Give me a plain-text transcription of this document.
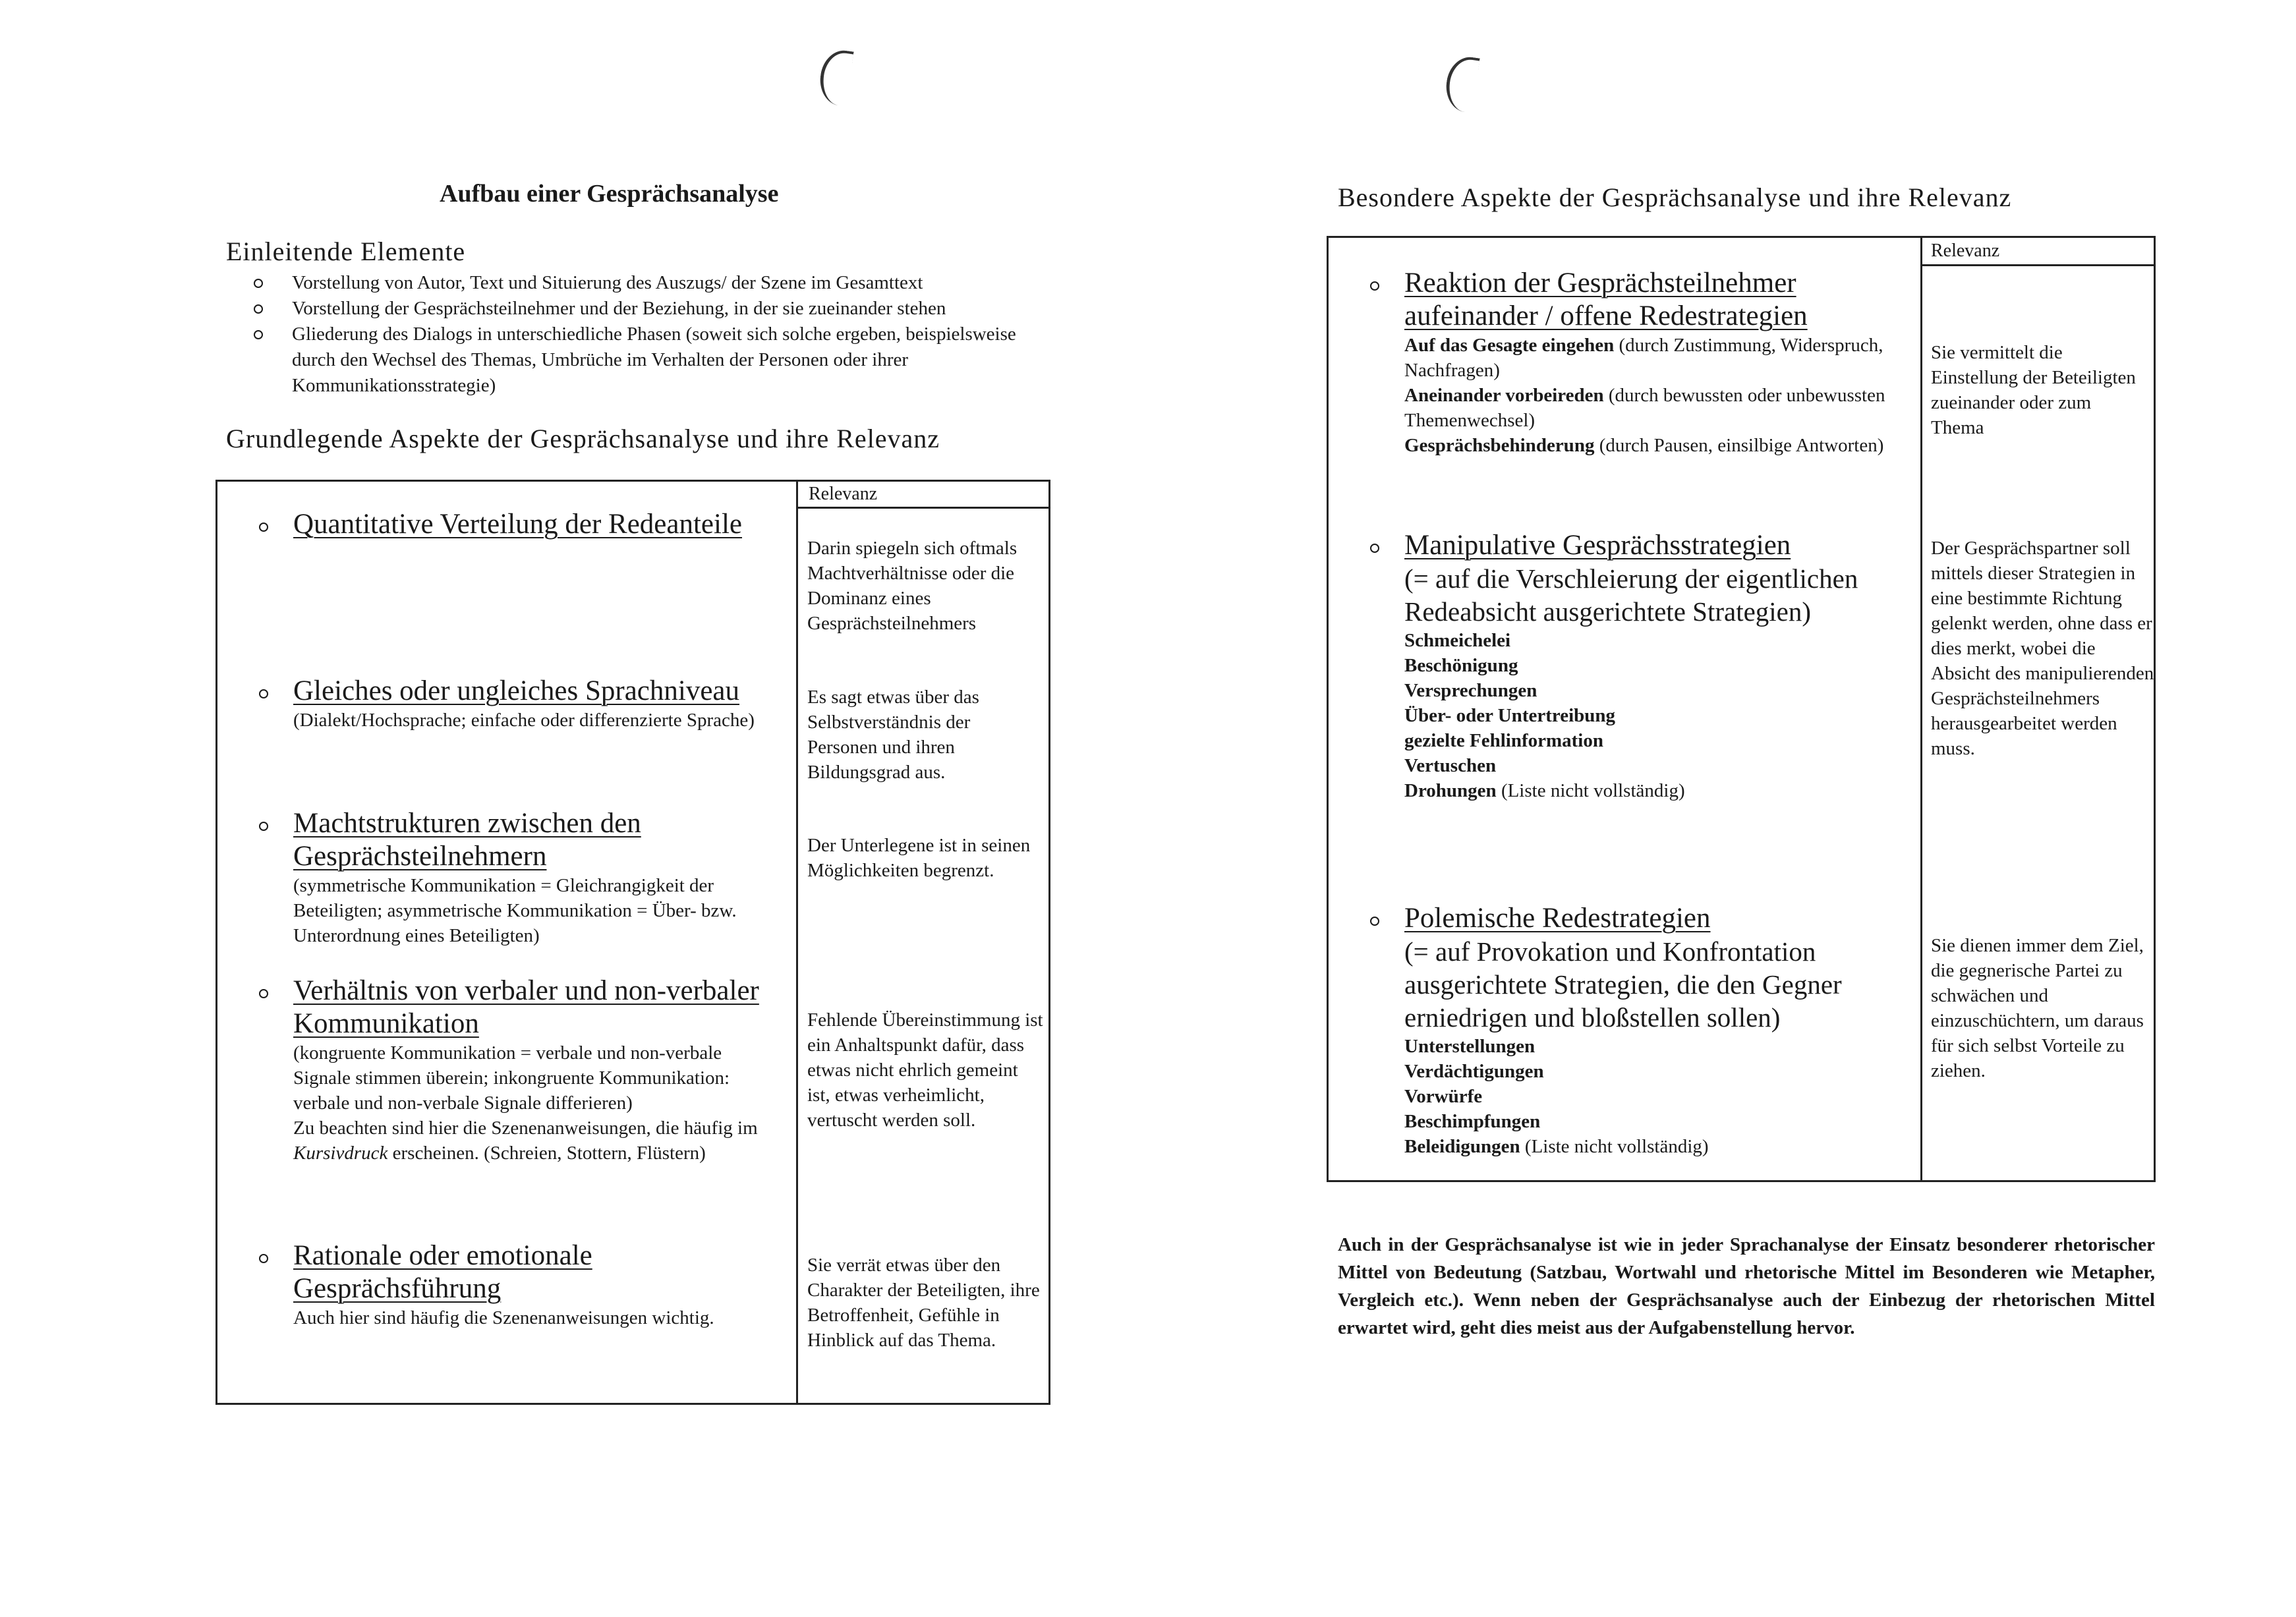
Aufbau einer Gesprächsanalyse
Einleitende Elemente
Vorstellung von Autor, Text und Situierung des Auszugs/ der Szene im Gesamttext
Vorstellung der Gesprächsteilnehmer und der Beziehung, in der sie zueinander stehen
Gliederung des Dialogs in unterschiedliche Phasen (soweit sich solche ergeben, beispielsweise durch den Wechsel des Themas, Umbrüche im Verhalten der Personen oder ihrer Kommunikationsstrategie)
Grundlegende Aspekte der Gesprächsanalyse und ihre Relevanz
Relevanz
Quantitative Verteilung der Redeanteile
Darin spiegeln sich oftmals Machtverhältnisse oder die Dominanz eines Gesprächsteilnehmers
Gleiches oder ungleiches Sprachniveau
(Dialekt/Hochsprache; einfache oder differenzierte Sprache)
Es sagt etwas über das Selbstverständnis der Personen und ihren Bildungsgrad aus.
Machtstrukturen zwischen den Gesprächsteilnehmern
(symmetrische Kommunikation = Gleichrangigkeit der Beteiligten; asymmetrische Kommunikation = Über- bzw. Unterordnung eines Beteiligten)
Der Unterlegene ist in seinen Möglichkeiten begrenzt.
Verhältnis von verbaler und non-verbaler Kommunikation
(kongruente Kommunikation = verbale und non-verbale Signale stimmen überein; inkongruente Kommunikation: verbale und non-verbale Signale differieren)
Zu beachten sind hier die Szenenanweisungen, die häufig im Kursivdruck erscheinen. (Schreien, Stottern, Flüstern)
Fehlende Übereinstimmung ist ein Anhaltspunkt dafür, dass etwas nicht ehrlich gemeint ist, etwas verheimlicht, vertuscht werden soll.
Rationale oder emotionale Gesprächsführung
Auch hier sind häufig die Szenenanweisungen wichtig.
Sie verrät etwas über den Charakter der Beteiligten, ihre Betroffenheit, Gefühle in Hinblick auf das Thema.
Besondere Aspekte der Gesprächsanalyse und ihre Relevanz
Relevanz
Reaktion der Gesprächsteilnehmer aufeinander / offene Redestrategien
Auf das Gesagte eingehen (durch Zustimmung, Widerspruch, Nachfragen)
Aneinander vorbeireden (durch bewussten oder unbewussten Themenwechsel)
Gesprächsbehinderung (durch Pausen, einsilbige Antworten)
Sie vermittelt die Einstellung der Beteiligten zueinander oder zum Thema
Manipulative Gesprächsstrategien
(= auf die Verschleierung der eigentlichen Redeabsicht ausgerichtete Strategien)
Schmeichelei
Beschönigung
Versprechungen
Über- oder Untertreibung
gezielte Fehlinformation
Vertuschen
Drohungen (Liste nicht vollständig)
Der Gesprächspartner soll mittels dieser Strategien in eine bestimmte Richtung gelenkt werden, ohne dass er dies merkt, wobei die Absicht des manipulierenden Gesprächsteilnehmers herausgearbeitet werden muss.
Polemische Redestrategien
(= auf Provokation und Konfrontation ausgerichtete Strategien, die den Gegner erniedrigen und bloßstellen sollen)
Unterstellungen
Verdächtigungen
Vorwürfe
Beschimpfungen
Beleidigungen (Liste nicht vollständig)
Sie dienen immer dem Ziel, die gegnerische Partei zu schwächen und einzuschüchtern, um daraus für sich selbst Vorteile zu ziehen.
Auch in der Gesprächsanalyse ist wie in jeder Sprachanalyse der Einsatz besonderer rhetorischer Mittel von Bedeutung (Satzbau, Wortwahl und rhetorische Mittel im Besonderen wie Metapher, Vergleich etc.). Wenn neben der Gesprächsanalyse auch der Einbezug der rhetorischen Mittel erwartet wird, geht dies meist aus der Aufgabenstellung hervor.
